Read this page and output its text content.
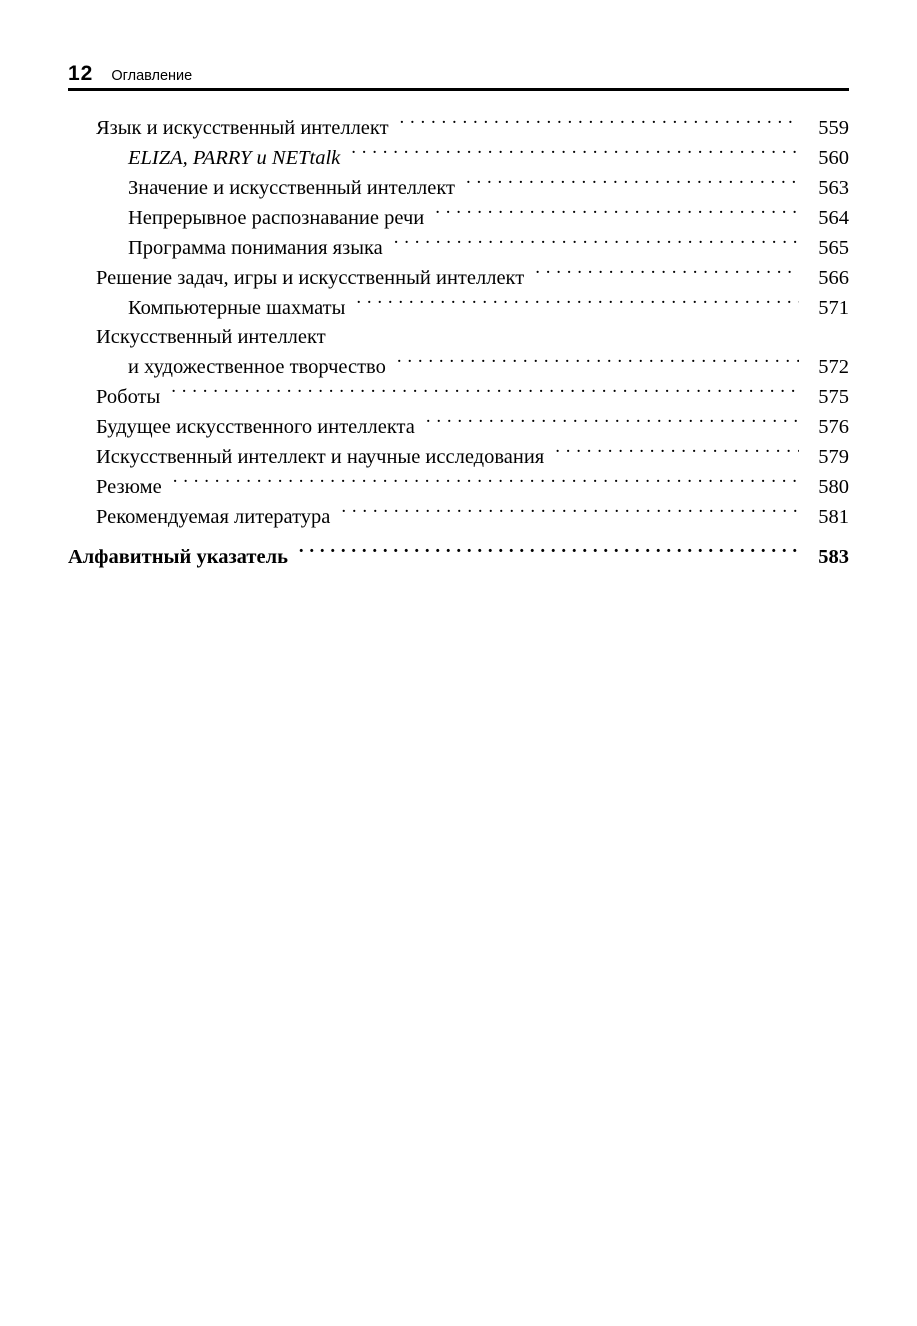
12 Оглавление
Язык и искусственный интеллект . . .	559
ELIZA, PARRY и NETtalk . . .	560
Значение и искусственный интеллект . . .	563
Непрерывное распознавание речи . . .	564
Программа понимания языка . . .	565
Решение задач, игры и искусственный интеллект . . .	566
Компьютерные шахматы . . .	571
Искусственный интеллект
и художественное творчество . . .	572
Роботы . . .	575
Будущее искусственного интеллекта . . .	576
Искусственный интеллект и научные исследования . . .	579
Резюме . . .	580
Рекомендуемая литература . . .	581
Алфавитный указатель . . .	583
